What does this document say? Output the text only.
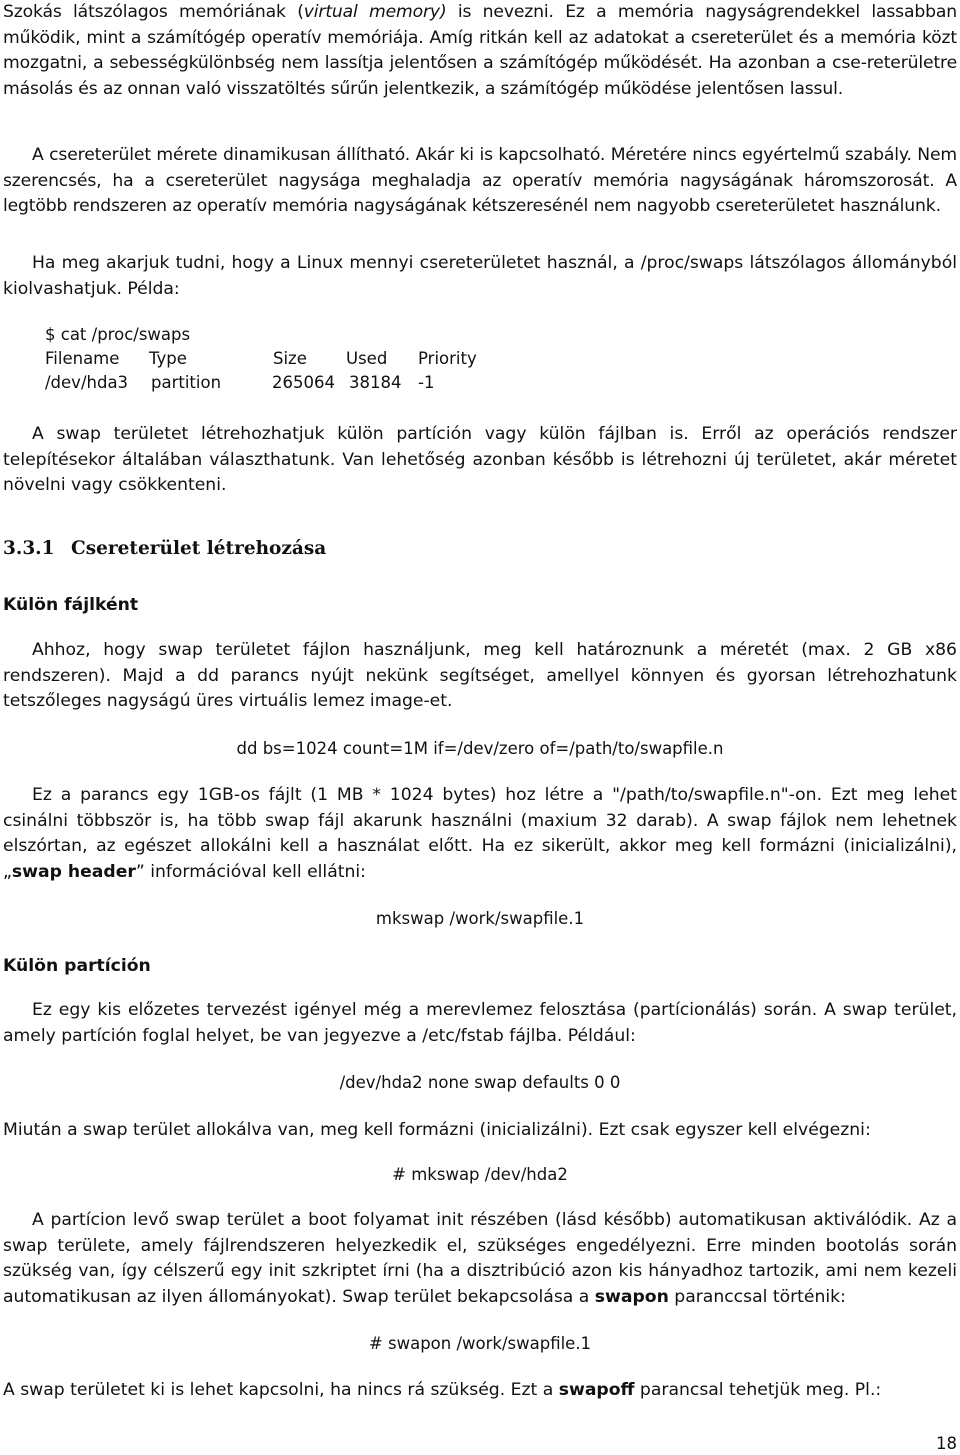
Szokás látszólagos memóriának (virtual memory) is nevezni. Ez a memória nagyságrendekkel lassabban működik, mint a számítógép operatív memóriája. Amíg ritkán kell az adatokat a csereterület és a memória közt mozgatni, a sebességkülönbség nem lassítja jelentősen a számítógép működését. Ha azonban a cse-reterületre másolás és az onnan való visszatöltés sűrűn jelentkezik, a számítógép működése jelentősen lassul.

A csereterület mérete dinamikusan állítható. Akár ki is kapcsolható. Méretére nincs egyértelmű szabály. Nem szerencsés, ha a csereterület nagysága meghaladja az operatív memória nagyságának háromszorosát. A legtöbb rendszeren az operatív memória nagyságának kétszeresénél nem nagyobb csereterületet használunk.

Ha meg akarjuk tudni, hogy a Linux mennyi csereterületet használ, a /proc/swaps látszólagos állományból kiolvashatjuk. Példa:

$ cat /proc/swaps

Filename Type	Size Used Priority
/dev/hda3 partition	265064 38184 -1

A swap területet létrehozhatjuk külön partíción vagy külön fájlban is. Erről az operációs rendszer telepítésekor általában választhatunk. Van lehetőség azonban később is létrehozni új területet, akár méretet növelni vagy csökkenteni.

3.3.1 Csereterület létrehozása
Külön fájlként

Ahhoz, hogy swap területet fájlon használjunk, meg kell határoznunk a méretét (max. 2 GB x86 rendszeren). Majd a dd parancs nyújt nekünk segítséget, amellyel könnyen és gyorsan létrehozhatunk tetszőleges nagyságú üres virtuális lemez image-et.

dd bs=1024 count=1M if=/dev/zero of=/path/to/swapfile.n

Ez a parancs egy 1GB-os fájlt (1 MB * 1024 bytes) hoz létre a "/path/to/swapfile.n"-on. Ezt meg lehet csinálni többször is, ha több swap fájl akarunk használni (maxium 32 darab). A swap fájlok nem lehetnek elszórtan, az egészet allokálni kell a használat előtt. Ha ez sikerült, akkor meg kell formázni (inicializálni), „swap header” információval kell ellátni:

mkswap /work/swapfile.1

Külön partíción

Ez egy kis előzetes tervezést igényel még a merevlemez felosztása (partícionálás) során. A swap terület, amely partíción foglal helyet, be van jegyezve a /etc/fstab fájlba. Például:

/dev/hda2 none swap defaults 0 0

Miután a swap terület allokálva van, meg kell formázni (inicializálni). Ezt csak egyszer kell elvégezni:

# mkswap /dev/hda2

A partícion levő swap terület a boot folyamat init részében (lásd később) automatikusan aktiválódik. Az a swap területe, amely fájlrendszeren helyezkedik el, szükséges engedélyezni. Erre minden bootolás során szükség van, így célszerű egy init szkriptet írni (ha a disztribúció azon kis hányadhoz tartozik, ami nem kezeli automatikusan az ilyen állományokat). Swap terület bekapcsolása a swapon paranccsal történik:

# swapon /work/swapfile.1

A swap területet ki is lehet kapcsolni, ha nincs rá szükség. Ezt a swapoff parancsal tehetjük meg. Pl.:

18
